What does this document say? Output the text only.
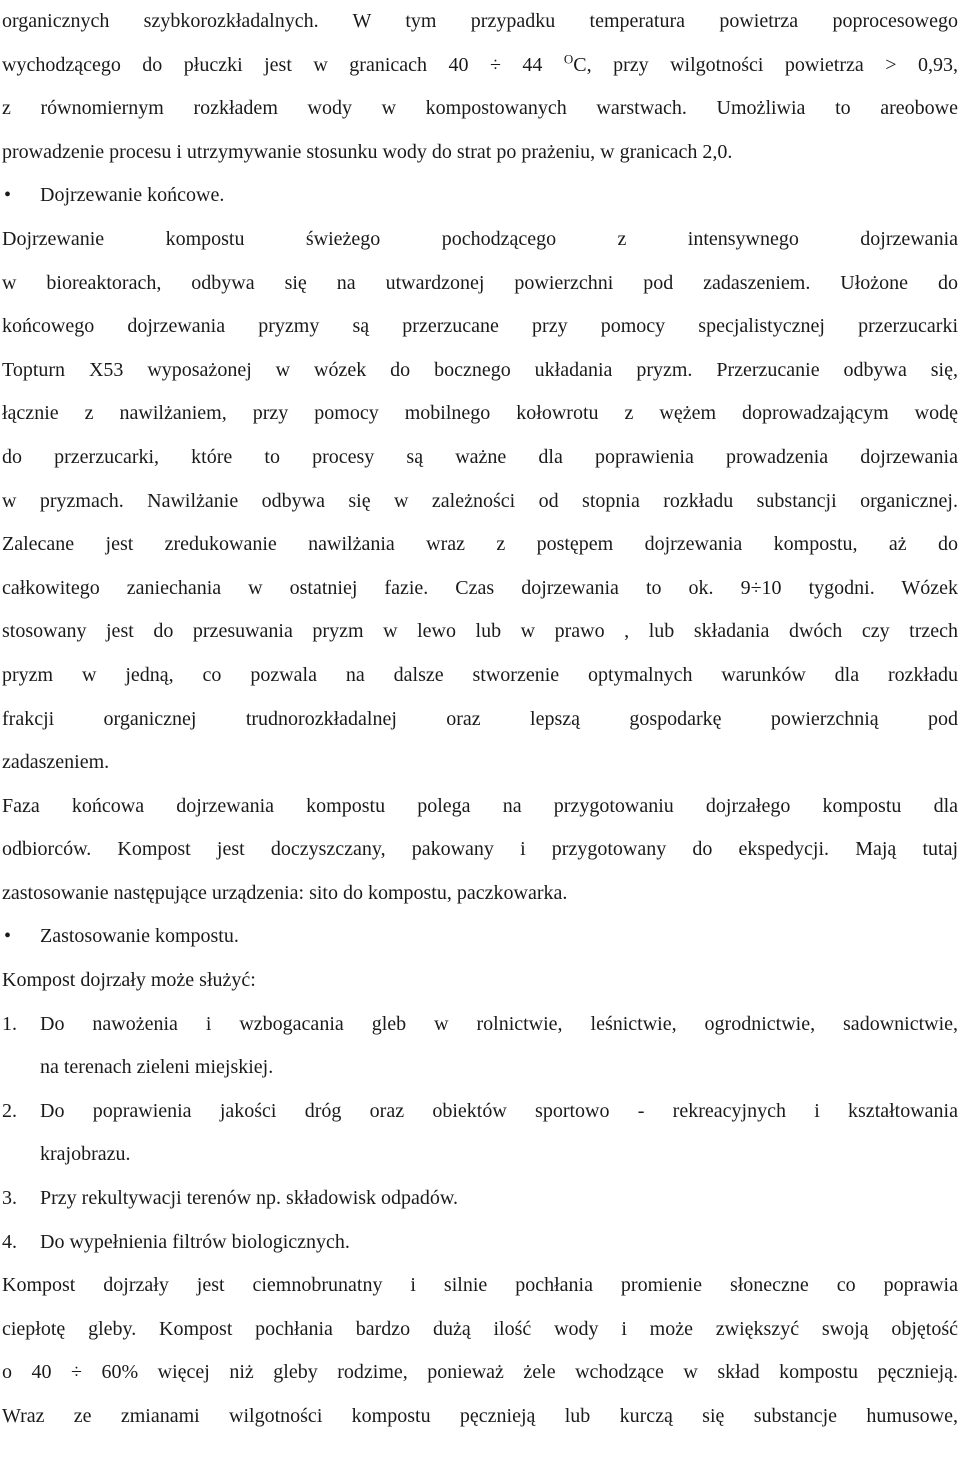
organicznych szybkorozkładalnych. W tym przypadku temperatura powietrza poprocesowego
wychodzącego do płuczki jest w granicach 40 ÷ 44 $^O$C, przy wilgotności powietrza > 0,93,
z równomiernym rozkładem wody w kompostowanych warstwach. Umożliwia to areobowe
prowadzenie procesu i utrzymywanie stosunku wody do strat po prażeniu, w granicach 2,0.
• Dojrzewanie końcowe.
Dojrzewanie kompostu świeżego pochodzącego z intensywnego dojrzewania
w bioreaktorach, odbywa się na utwardzonej powierzchni pod zadaszeniem. Ułożone do
końcowego dojrzewania pryzmy są przerzucane przy pomocy specjalistycznej przerzucarki
Topturn X53 wyposażonej w wózek do bocznego układania pryzm. Przerzucanie odbywa się,
łącznie z nawilżaniem, przy pomocy mobilnego kołowrotu z wężem doprowadzającym wodę
do przerzucarki, które to procesy są ważne dla poprawienia prowadzenia dojrzewania
w pryzmach. Nawilżanie odbywa się w zależności od stopnia rozkładu substancji organicznej.
Zalecane jest zredukowanie nawilżania wraz z postępem dojrzewania kompostu, aż do
całkowitego zaniechania w ostatniej fazie. Czas dojrzewania to ok. 9÷10 tygodni. Wózek
stosowany jest do przesuwania pryzm w lewo lub w prawo , lub składania dwóch czy trzech
pryzm w jedną, co pozwala na dalsze stworzenie optymalnych warunków dla rozkładu
frakcji organicznej trudnorozkładalnej oraz lepszą gospodarkę powierzchnią pod
zadaszeniem.
Faza końcowa dojrzewania kompostu polega na przygotowaniu dojrzałego kompostu dla
odbiorców. Kompost jest doczyszczany, pakowany i przygotowany do ekspedycji. Mają tutaj
zastosowanie następujące urządzenia: sito do kompostu, paczkowarka.
• Zastosowanie kompostu.
Kompost dojrzały może służyć:
1. Do nawożenia i wzbogacania gleb w rolnictwie, leśnictwie, ogrodnictwie, sadownictwie,
na terenach zieleni miejskiej.
2. Do poprawienia jakości dróg oraz obiektów sportowo - rekreacyjnych i kształtowania
krajobrazu.
3. Przy rekultywacji terenów np. składowisk odpadów.
4. Do wypełnienia filtrów biologicznych.
Kompost dojrzały jest ciemnobrunatny i silnie pochłania promienie słoneczne co poprawia
ciepłotę gleby. Kompost pochłania bardzo dużą ilość wody i może zwiększyć swoją objętość
o 40 ÷ 60% więcej niż gleby rodzime, ponieważ żele wchodzące w skład kompostu pęcznieją.
Wraz ze zmianami wilgotności kompostu pęcznieją lub kurczą się substancje humusowe,
